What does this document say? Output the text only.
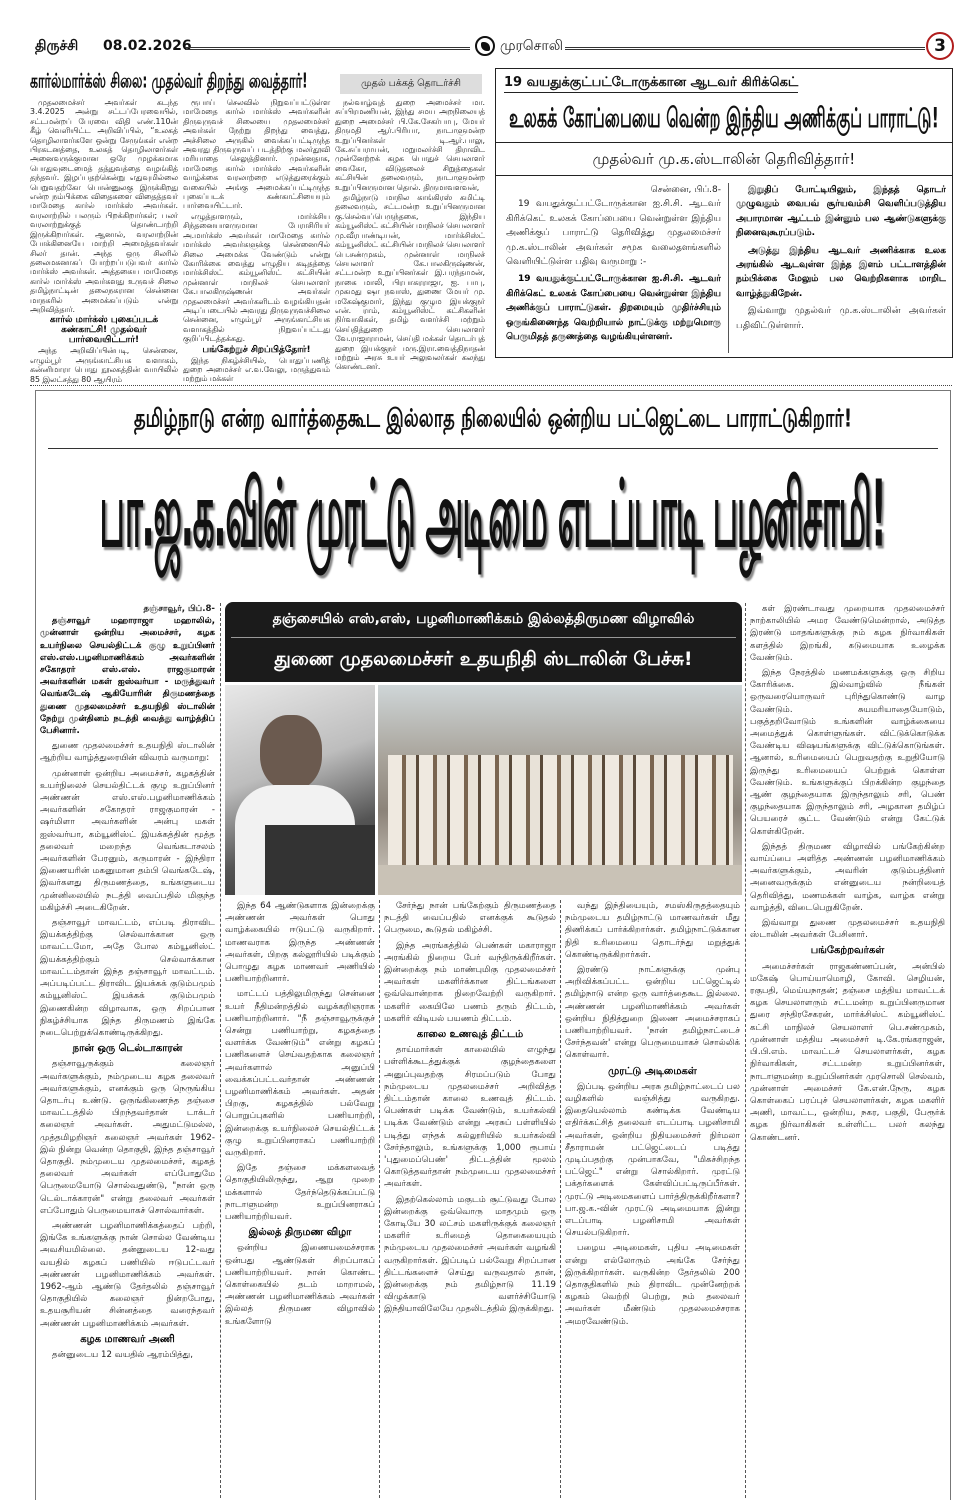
திருச்சி 08.02.2026	முரசொலி	3
கார்ல்மார்க்ஸ் சிலை: முதல்வர் திறந்து வைத்தார்!	முதல் பக்கத் தொடர்ச்சி

முதலமைச்சர் அவர்கள் கடந்த 3.4.2025 அன்று சட்டப்பேரவையில், சட்டமன்றப் பேரவை விதி எண்.110ன் கீழ் வெளியிட்ட அறிவிப்பில், “உலகத் தொழிலாளர்களே ஒன்று சேருங்கள் என்ற பிரகடனத்தை, உலகத் தொழிலாளர்கள் அனைவருக்குமான ஒரே முழக்கமாக பொதுவுடைமைத் தத்துவத்தை வழங்கித் தந்தவர். இழப்பதற்கென்று எதுவுமில்லை பெறுவதற்கோ பொன்னுலகு இருக்கிறது என்ற நம்பிக்கை விதைகளை விதைத்தவர் மாமேதை கார்ல் மார்க்ஸ் அவர்கள். வரலாற்றில் பலரும் பிறக்கிறார்கள்; பலர் வரலாற்றுக்குத் தொண்டாற்றி இருக்கிறார்கள். ஆனால், வரலாற்றின் போக்கினையே மாற்றி அமைத்தவர்கள் சிலர் தான். அந்த ஒரு சிலரில் தலைமகனாகப் போற்றப்படுபவர் கார்ல் மார்க்ஸ் அவர்கள். அத்தகைய மாமேதை கார்ல் மார்க்ஸ் அவர்களது உருவச் சிலை தமிழ்நாட்டின் தலைநகரான சென்னை மாநகரில் அமைக்கப்படும் என்று அறிவித்தார்.

கார்ல் மார்க்ஸ் புகைப்படக் கண்காட்சி! முதல்வர் பார்வையிட்டார்!

அந்த அறிவிப்பின்படி, சென்னை, எழும்பூர் அருங்காட்சியக வளாகம், கன்னிமாரா பொது நூலகத்தின் வாயிலில் 85 இலட்சத்து 80 ஆயிரம்

ரூபாய் செலவில் நிறுவப்பட்டுள்ள மாமேதை கார்ல் மார்க்ஸ் அவர்களின் திருவுருவச் சிலையை முதலமைச்சர் அவர்கள் நேற்று திறந்து வைத்து, அச்சிலை அருகில் வைக்கப்பட்டிருந்த அவரது திருவுருவப் படத்திற்கு மலர்தூவி மரியாதை செலுத்தினார். முன்னதாக, மாமேதை கார்ல் மார்க்ஸ் அவர்களின் வாழ்க்கை வரலாற்றை எடுத்துரைக்கும் வகையில் அங்கு அமைக்கப்பட்டிருந்த புகைப்படக் கண்காட்சியையும் பார்வையிட்டார்.

எழுத்தாளரும், மார்க்சிய சிந்தனையாளருமான பேராசிரியர் அ.மார்க்ஸ் அவர்கள் மாமேதை கார்ல் மார்க்ஸ் அவர்களுக்கு சென்னையில் சிலை அமைக்க வேண்டும் என்று கோரிக்கை வைத்து எழுதிய கடிதத்தை மார்க்சிஸ்ட் கம்யூனிஸ்ட் கட்சியின் முன்னாள் மாநிலச் செயலாளர் கே.பாலகிருஷ்ணன் அவர்கள் முதலமைச்சர் அவர்களிடம் வழங்கியதன் அடிப்படையில் அவரது திருவுருவச்சிலை சென்னை, எழும்பூர் அருங்காட்சியக வளாகத்தில் நிறுவப்பட்டது குறிப்பிடத்தக்கது.

பங்கேற்றுச் சிறப்பித்தோர்!

இந்த நிகழ்ச்சியில், பொதுப்பணித் துறை அமைச்சர் எ.வ.வேலு, மருத்துவம் மற்றும் மக்கள்

நல்வாழ்வுத் துறை அமைச்சர் மா. சுப்பிரமணியன், இந்து சமய அறநிலையத் துறை அமைச்சர் பி.கே.சேகர்பாபு, மேயர் திருமதி ஆர்.பிரியா, நாடாளுமன்ற உறுப்பினர்கள் டி.ஆர்.பாலு, கே.சுப்பராயன், மறுமலர்ச்சி திராவிட முன்னேற்றக் கழக பொதுச் செயலாளர் வைகோ, விடுதலைச் சிறுத்தைகள் கட்சியின் தலைவரும், நாடாளுமன்ற உறுப்பினருமான தொல். திருமாவளவன்,

தமிழ்நாடு மாநில காங்கிரஸ் கமிட்டி தலைவரும், சட்டமன்ற உறுப்பினருமான கு.செல்வப்பெருந்தகை, இந்திய கம்யூனிஸ்ட் கட்சியின் மாநிலச் செயலாளர் மு.வீரபாண்டியன், மார்க்சிஸ்ட் கம்யூனிஸ்ட் கட்சியின் மாநிலச் செயலாளர் பெ.சண்முகம், முன்னாள் மாநிலச் செயலாளர் கே.பாலகிருஷ்ணன், சட்டமன்ற உறுப்பினர்கள் இ.பரந்தாமன், நாகை மாலி, பிரபாகரராஜா, ஐ. பாபு, முகமது ஷா நவாஸ், துணை மேயர் மு. மகேஷ்குமார், இந்து குழும இயக்குநர் என். ராம், கம்யூனிஸ்ட் கட்சிகளின் நிர்வாகிகள், தமிழ் வளர்ச்சி மற்றும் செய்தித்துறை செயலாளர் வே.ராஜாராமன், செய்தி மக்கள் தொடர்புத் துறை இயக்குநர் மரு.இரா.வைத்திநாதன் மற்றும் அரசு உயர் அலுவலர்கள் கலந்து கொண்டனர்.

19 வயதுக்குட்பட்டோருக்கான ஆடவர் கிரிக்கெட்
உலகக் கோப்பையை வென்ற இந்திய அணிக்குப் பாராட்டு!
முதல்வர் மு.க.ஸ்டாலின் தெரிவித்தார்!
சென்னை, பிப்.8-

19 வயதுக்குட்பட்டோருக்கான ஐ.சி.சி. ஆடவர் கிரிக்கெட் உலகக் கோப்பையை வென்றுள்ள இந்திய அணிக்குப் பாராட்டு தெரிவித்து முதலமைச்சர் மு.க.ஸ்டாலின் அவர்கள் சமூக வலைதளங்களில் வெளியிட்டுள்ள பதிவு வருமாறு :-

19 வயதுக்குட்பட்டோருக்கான ஐ.சி.சி. ஆடவர் கிரிக்கெட் உலகக் கோப்பையை வென்றுள்ள இந்திய அணிக்குப் பாராட்டுகள். திறமையும் முதிர்ச்சியும் ஒருங்கிணைந்த வெற்றியால் நாட்டுக்கு மற்றுமொரு பெருமிதத் தருணத்தை வழங்கியுள்ளனர்.

இறுதிப் போட்டியிலும், இந்தத் தொடர் முழுவதும் வைபவ் சூர்யவம்சி வெளிப்படுத்திய அபாரமான ஆட்டம் இன்னும் பல ஆண்டுகளுக்கு நினைவுகூரப்படும்.

அடுத்து இந்திய ஆடவர் அணிக்காக உலக அரங்கில் ஆடவுள்ள இந்த இளம் பட்டாளத்தின் நம்பிக்கை மேலும் பல வெற்றிகளாக மாறிட வாழ்த்துகிறேன்.

இவ்வாறு முதல்வர் மு.க.ஸ்டாலின் அவர்கள் பதிவிட்டுள்ளார்.

தமிழ்நாடு என்ற வார்த்தைகூட இல்லாத நிலையில் ஒன்றிய பட்ஜெட்டை பாராட்டுகிறார்!
பா.ஜ.க.வின் முரட்டு அடிமை எடப்பாடி பழனிசாமி!
தஞ்சையில் எஸ்,எஸ், பழனிமாணிக்கம் இல்லத்திருமண விழாவில்
துணை முதலமைச்சர் உதயநிதி ஸ்டாலின் பேச்சு!
தஞ்சாவூர், பிப்.8-

தஞ்சாவூர் மஹாராஜா மஹாலில், முன்னாள் ஒன்றிய அமைச்சர், கழக உயர்நிலை செயல்திட்டக் குழு உறுப்பினர் எஸ்.எஸ்.பழனிமாணிக்கம் அவர்களின் சகோதரர் எஸ்.எஸ். ராஜகுமாரன் அவர்களின் மகள் ஐஸ்வர்யா - மருத்துவர் வெங்கடேஷ் ஆகியோரின் திருமணத்தை துணை முதலமைச்சர் உதயநிதி ஸ்டாலின் நேற்று முன்தினம் நடத்தி வைத்து வாழ்த்திப் பேசினார்.

துணை முதலமைச்சர் உதயநிதி ஸ்டாலின் ஆற்றிய வாழ்த்துரையின் விவரம் வருமாறு:

முன்னாள் ஒன்றிய அமைச்சர், கழகத்தின் உயர்நிலைச் செயல்திட்டக் குழு உறுப்பினர் அண்ணன் எஸ்.எஸ்.பழனிமாணிக்கம் அவர்களின் சகோதரர் ராஜகுமாரன் - ஷர்மிளா அவர்களின் அன்பு மகள் ஐஸ்வர்யா, கம்யூனிஸ்ட் இயக்கத்தின் மூத்த தலைவர் மறைந்த வெங்கடாசலம் அவர்களின் பேரனும், கருமாரன் - இந்திரா இணையரின் மகனுமான தம்பி வெங்கடேஷ், இவர்களது திருமணத்தை, உங்களுடைய முன்னிலையில் நடத்தி வைப்பதில் மிகுந்த மகிழ்ச்சி அடைகிறேன்.

தஞ்சாவூர் மாவட்டம், எப்படி திராவிட இயக்கத்திற்கு செல்வாக்கான ஒரு மாவட்டமோ, அதே போல கம்யூனிஸ்ட் இயக்கத்திற்கும் செல்வாக்கான மாவட்டம்தான் இந்த தஞ்சாவூர் மாவட்டம். அப்படிப்பட்ட திராவிட இயக்கக் குடும்பமும் கம்யூனிஸ்ட் இயக்கக் குடும்பமும் இணைகின்ற விழாவாக, ஒரு சிறப்பான நிகழ்ச்சியாக இந்த திருமணம் இங்கே நடைபெற்றுக்கொண்டிருக்கிறது.

நான் ஒரு டெல்டாகாரன்

தஞ்சாவூருக்கும் கலைஞர் அவர்களுக்கும், நம்முடைய கழக தலைவர் அவர்களுக்கும், எனக்கும் ஒரு நெருங்கிய தொடர்பு உண்டு. ஒருங்கிணைந்த தஞ்சை மாவட்டத்தில் பிறந்தவர்தான் டாக்டர் கலைஞர் அவர்கள். அதுமட்டுமல்ல, முத்தமிழறிஞர் கலைஞர் அவர்கள் 1962-இல் நின்று வென்ற தொகுதி, இந்த தஞ்சாவூர் தொகுதி. நம்முடைய முதலமைச்சர், கழகத் தலைவர் அவர்கள் எப்போதுமே பெருமையோடு சொல்வதுண்டு, "நான் ஒரு டெல்டாக்காரன்" என்று தலைவர் அவர்கள் எப்போதும் பெருமையாகச் சொல்வார்கள்.

அண்ணன் பழனிமாணிக்கத்தைப் பற்றி, இங்கே உங்களுக்கு நான் சொல்ல வேண்டிய அவசியமில்லை. தன்னுடைய 12-வது வயதில் கழகப் பணியில் ஈடுபட்டவர் அண்ணன் பழனிமாணிக்கம் அவர்கள். 1962-ஆம் ஆண்டு தேர்தலில் தஞ்சாவூர் தொகுதியில் கலைஞர் நின்றபோது, உதயசூரியன் சின்னத்தை வரைந்தவர் அண்ணன் பழனிமாணிக்கம் அவர்கள்.

கழக மாணவர் அணி

தன்னுடைய 12 வயதில் ஆரம்பித்து,

இந்த 64 ஆண்டுகளாக இன்றைக்கு அண்ணன் அவர்கள் பொது வாழ்க்கையில் ஈடுபட்டு வருகிறார். மாணவராக இருந்த அண்ணன் அவர்கள், பிறகு கல்லூரியில் படிக்கும் பொழுது கழக மாணவர் அணியில் பணியாற்றினார்.

மாட்டப் பத்திலுமிருந்து சென்னை உயர் நீதிமன்றத்தில் வழக்கறிஞராக பணியாற்றினார். "நீ தஞ்சாவூருக்குச் சென்று பணியாற்று, கழகத்தை வளர்க்க வேண்டும்" என்று கழகப் பணிகளைச் செய்வதற்காக கலைஞர் அவர்களால் அனுப்பி வைக்கப்பட்டவர்தான் அண்ணன் பழனிமாணிக்கம் அவர்கள். அதன் பிறகு, கழகத்தில் பல்வேறு பொறுப்புகளில் பணியாற்றி, இன்றைக்கு உயர்நிலைச் செயல்திட்டக் குழு உறுப்பினராகப் பணியாற்றி வருகிறார்.

இதே தஞ்சை மக்களவைத் தொகுதியிலிருந்து, ஆறு முறை மக்களால் தேர்ந்தெடுக்கப்பட்டு நாடாளுமன்ற உறுப்பினராகப் பணியாற்றியவர்.

இல்லத் திருமண விழா

ஒன்றிய இணையமைச்சராக ஒன்பது ஆண்டுகள் சிறப்பாகப் பணியாற்றியவர். நான் கொண்ட கொள்கையில் தடம் மாறாமல், அண்ணன் பழனிமாணிக்கம் அவர்கள் இல்லத் திருமண விழாவில் உங்களோடு

சேர்ந்து நான் பங்கேற்கும் திருமணத்தை நடத்தி வைப்பதில் எனக்குக் கூடுதல் பெருமை, கூடுதல் மகிழ்ச்சி.

இந்த அரங்கத்தில் பெண்கள் மகாராஜா அரங்கில் நிறைய பேர் வந்திருக்கிறீர்கள். இன்றைக்கு நம் மாண்புமிகு முதலமைச்சர் அவர்கள் மகளிர்க்கான திட்டங்களை ஒவ்வொன்றாக நிறைவேற்றி வருகிறார். மகளிர் கையிலே பணம் தரும் திட்டம், மகளிர் விடியல் பயணம் திட்டம்.

காலை உணவுத் திட்டம்

தாய்மார்கள் காலையில் எழுந்து பள்ளிக்கூடத்துக்குக் குழந்தைகளை அனுப்புவதற்கு சிரமப்படும் போது நம்முடைய முதலமைச்சர் அறிவித்த திட்டம்தான் காலை உணவுத் திட்டம். பெண்கள் படிக்க வேண்டும், உயர்கல்வி படிக்க வேண்டும் என்று அரசுப் பள்ளியில் படித்து எந்தக் கல்லூரியில் உயர்கல்வி சேர்ந்தாலும், உங்களுக்கு 1,000 ரூபாய் 'புதுமைப்பெண்' திட்டத்தின் மூலம் கொடுத்தவர்தான் நம்முடைய முதலமைச்சர் அவர்கள்.

இதற்கெல்லாம் மகுடம் சூட்டுவது போல இன்றைக்கு ஒவ்வொரு மாதமும் ஒரு கோடியே 30 லட்சம் மகளிருக்குக் கலைஞர் மகளிர் உரிமைத் தொகையையும் நம்முடைய முதலமைச்சர் அவர்கள் வழங்கி வருகிறார்கள். இப்படிப் பல்வேறு சிறப்பான திட்டங்களைச் செய்து வருவதால் தான், இன்றைக்கு நம் தமிழ்நாடு 11.19 விழுக்காடு வளர்ச்சியோடு இந்தியாவிலேயே முதலிடத்தில் இருக்கிறது.

வந்து இந்தியையும், சமஸ்கிருதத்தையும் நம்முடைய தமிழ்நாட்டு மாணவர்கள் மீது திணிக்கப் பார்க்கிறார்கள். தமிழ்நாட்டுக்கான நிதி உரிமையை தொடர்ந்து மறுத்துக் கொண்டிருக்கிறார்கள்.

இரண்டு நாட்களுக்கு முன்பு அறிவிக்கப்பட்ட ஒன்றிய பட்ஜெட்டில் தமிழ்நாடு என்ற ஒரு வார்த்தைகூட இல்லை. அண்ணன் பழனிமாணிக்கம் அவர்கள் ஒன்றிய நிதித்துறை இணை அமைச்சராகப் பணியாற்றியவர். 'நான் தமிழ்நாட்டைச் சேர்ந்தவன்' என்று பெருமையாகச் சொல்லிக் கொள்வார்.

முரட்டு அடிமைகள்

இப்படி ஒன்றிய அரசு தமிழ்நாட்டைப் பல வழிகளில் வஞ்சித்து வருகிறது. இதையெல்லாம் கண்டிக்க வேண்டிய எதிர்க்கட்சித் தலைவர் எடப்பாடி பழனிசாமி அவர்கள், ஒன்றிய நிதியமைச்சர் நிர்மலா சீதாராமன் பட்ஜெட்டைப் படித்து முடிப்பதற்கு முன்பாகவே, "மிகச்சிறந்த பட்ஜெட்" என்று சொல்கிறார். முரட்டு பக்தர்களைக் கேள்விப்பட்டிருப்பீர்கள். முரட்டு அடிமைகளைப் பார்த்திருக்கிறீர்களா? பா.ஜ.க.-வின் முரட்டு அடிமையாக இன்று எடப்பாடி பழனிசாமி அவர்கள் செயல்படுகிறார்.

பழைய அடிமைகள், புதிய அடிமைகள் என்று எல்லோரும் அங்கே சேர்ந்து இருக்கிறார்கள். வருகின்ற தேர்தலில் 200 தொகுதிகளில் நம் திராவிட முன்னேற்றக் கழகம் வெற்றி பெற்று, நம் தலைவர் அவர்கள் மீண்டும் முதலமைச்சராக அமரவேண்டும்.

கள் இரண்டாவது முறையாக முதலமைச்சர் நாற்காலியில் அமர வேண்டுமென்றால், அடுத்த இரண்டு மாதங்களுக்கு நம் கழக நிர்வாகிகள் களத்தில் இறங்கி, கடுமையாக உழைக்க வேண்டும்.

இந்த நேரத்தில் மணமக்களுக்கு ஒரு சிறிய கோரிக்கை. இல்வாழ்வில் நீங்கள் ஒருவரையொருவர் புரிந்துகொண்டு வாழ வேண்டும். சுயமரியாதையோடும், பகுத்தறிவோடும் உங்களின் வாழ்க்கையை அமைத்துக் கொள்ளுங்கள். விட்டுக்கொடுக்க வேண்டிய விஷயங்களுக்கு விட்டுக்கொடுங்கள். ஆனால், உரிமையைப் பெறுவதற்கு உறுதியோடு இருந்து உரிமையைப் பெற்றுக் கொள்ள வேண்டும். உங்களுக்குப் பிறக்கின்ற குழந்தை ஆண் குழந்தையாக இருந்தாலும் சரி, பெண் குழந்தையாக இருந்தாலும் சரி, அழகான தமிழ்ப் பெயரைச் சூட்ட வேண்டும் என்று கேட்டுக் கொள்கிறேன்.

இந்தத் திருமண விழாவில் பங்கேற்கின்ற வாய்ப்பை அளித்த அண்ணன் பழனிமாணிக்கம் அவர்களுக்கும், அவரின் குடும்பத்தினர் அனைவருக்கும் என்னுடைய நன்றியைத் தெரிவித்து, மணமக்கள் வாழ்க, வாழ்க என்று வாழ்த்தி, விடைபெறுகிறேன்.

இவ்வாறு துணை முதலமைச்சர் உதயநிதி ஸ்டாலின் அவர்கள் பேசினார்.

பங்கேற்றவர்கள்

அமைச்சர்கள் ராஜகண்ணப்பன், அன்பில் மகேஷ் பொய்யாமொழி, கோவி. செழியன், ரகுபதி, மெய்யநாதன்; தஞ்சை மத்திய மாவட்டக் கழக செயலாளரும் சட்டமன்ற உறுப்பினருமான துரை சந்திரசேகரன், மார்க்சிஸ்ட் கம்யூனிஸ்ட் கட்சி மாநிலச் செயலாளர் பெ.சண்முகம், முன்னாள் மத்திய அமைச்சர் டி.கே.ரங்கராஜன், பி.பி.எம். மாவட்டச் செயலாளர்கள், கழக நிர்வாகிகள், சட்டமன்ற உறுப்பினர்கள், நாடாளுமன்ற உறுப்பினர்கள் முரசொலி செல்வம், முன்னாள் அமைச்சர் கே.என்.நேரு, கழக கொள்கைப் பரப்புச் செயலாளர்கள், கழக மகளிர் அணி, மாவட்ட, ஒன்றிய, நகர, பகுதி, பேரூர்க் கழக நிர்வாகிகள் உள்ளிட்ட பலர் கலந்து கொண்டனர்.
